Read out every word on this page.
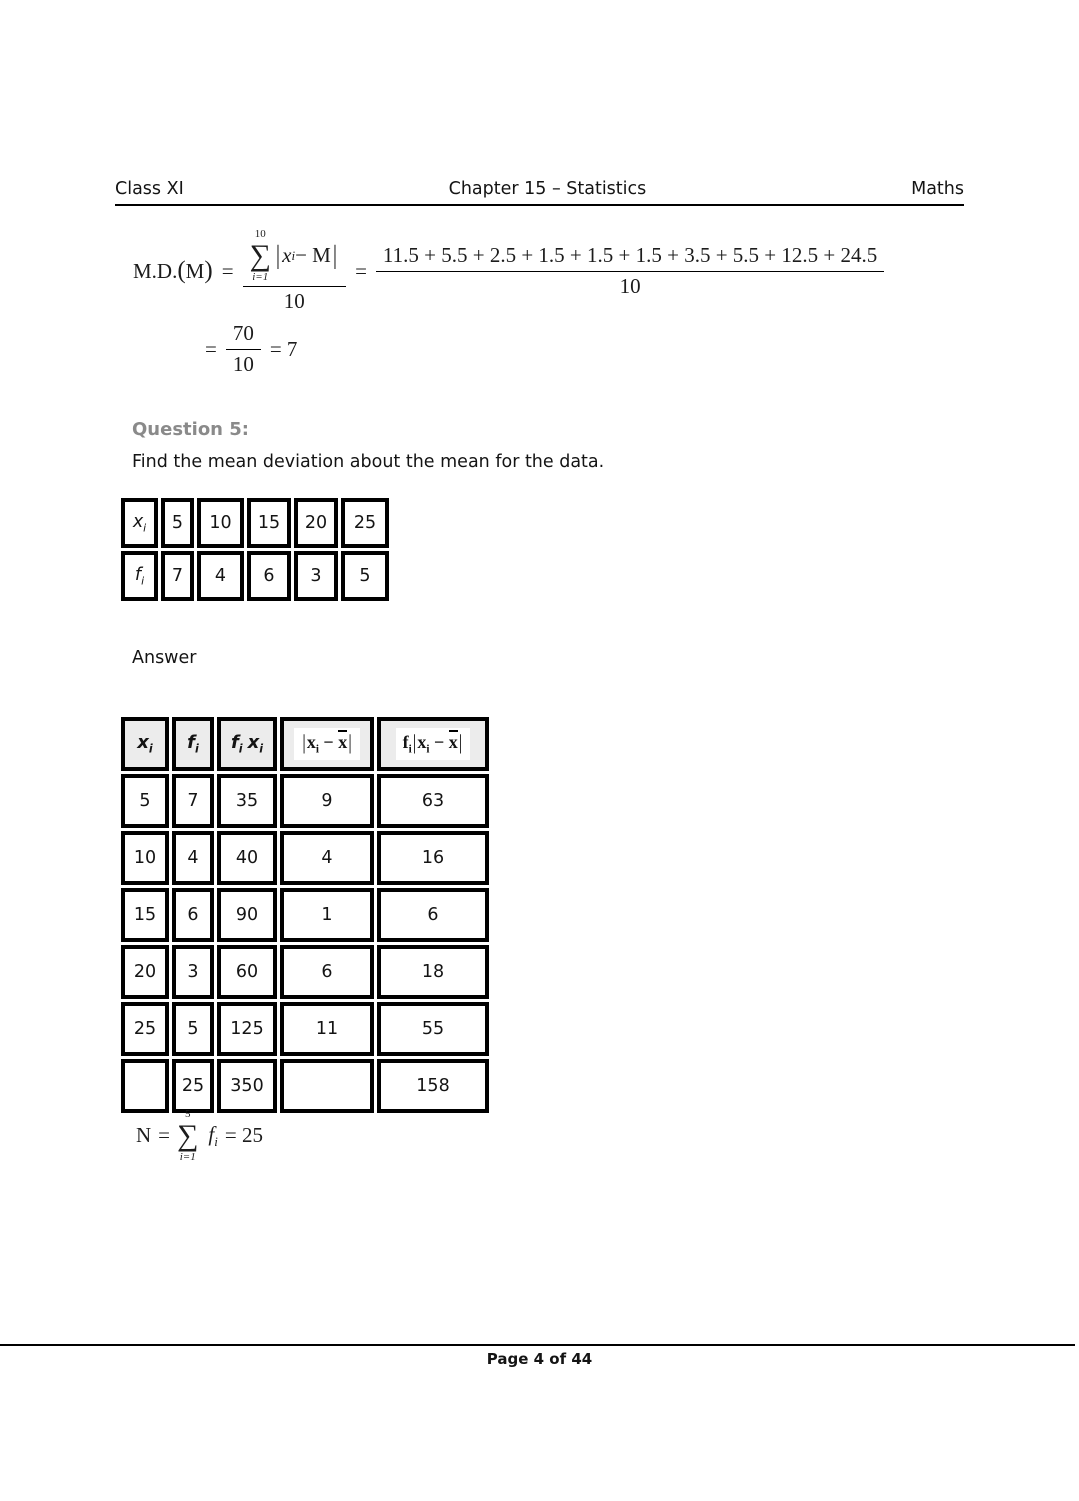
Class XI	Chapter 15 – Statistics	Maths
M.D.(M) =
10
∑
i=1
| x i − M |
10
= $\frac{11.5 + 5.5 + 2.5 + 1.5 + 1.5 + 1.5 + 3.5 + 5.5 + 12.5 + 24.5}{10}$
= $\frac{70}{10} = 7$
Question 5:
Find the mean deviation about the mean for the data.
$x_i$	5	10	15	20	25
$f_i$	7	4	6	3	5
Answer
$x_i$	$f_i$	$f_i$ $x_i$	$|x_i - x|$	$f_i|x_i - x|$
5	7	35	9	63
10	4	40	4	16
15	6	90	1	6
20	3	60	6	18
25	5	125	11	55
	25	350		158
N =
5
∑
i=1
$f_i = 25$
Page 4 of 44
